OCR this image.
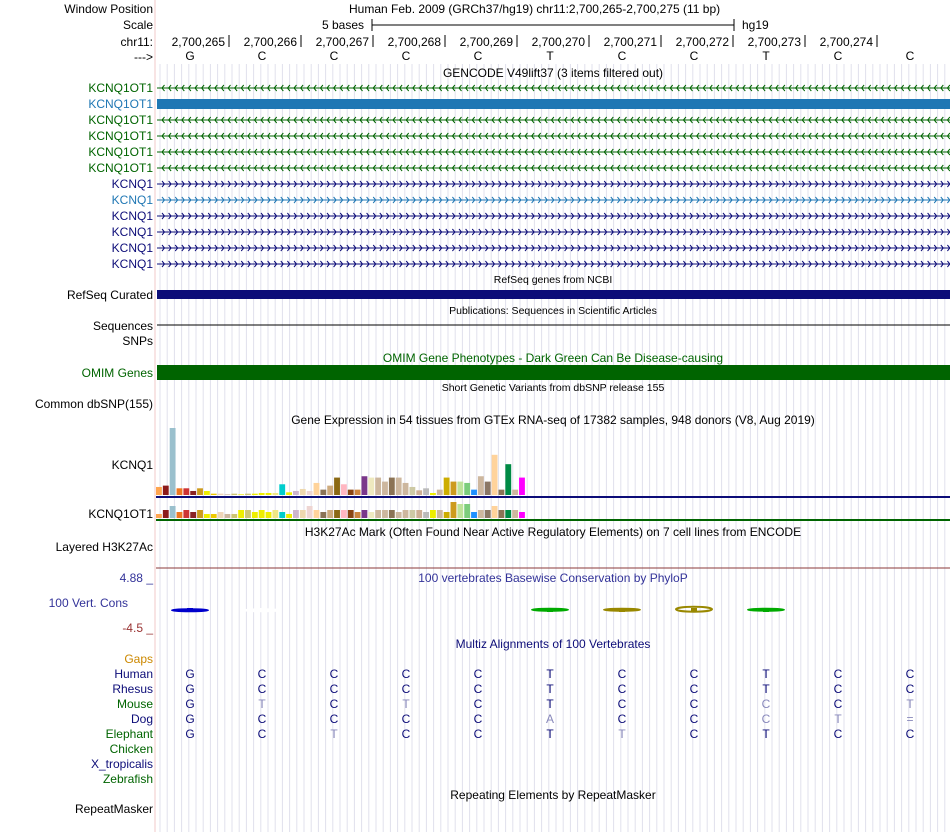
Window Position	Human Feb. 2009 (GRCh37/hg19) chr11:2,700,265-2,700,275 (11 bp)
Scale	5 bases	hg19
chr11:
--->
2,700,265	2,700,266	2,700,267	2,700,268	2,700,269	2,700,270	2,700,271	2,700,272	2,700,273	2,700,274
G	C	C	C	C	T	C	C	T	C	C
GENCODE V49lift37 (3 items filtered out)
KCNQ1OT1
KCNQ1OT1
KCNQ1OT1
KCNQ1OT1
KCNQ1OT1
KCNQ1OT1
KCNQ1
KCNQ1
KCNQ1
KCNQ1
KCNQ1
KCNQ1
RefSeq genes from NCBI
RefSeq Curated
Publications: Sequences in Scientific Articles
Sequences
SNPs
OMIM Gene Phenotypes - Dark Green Can Be Disease-causing
OMIM Genes
Short Genetic Variants from dbSNP release 155
Common dbSNP(155)
Gene Expression in 54 tissues from GTEx RNA-seq of 17382 samples, 948 donors (V8, Aug 2019)
KCNQ1
KCNQ1OT1
H3K27Ac Mark (Often Found Near Active Regulatory Elements) on 7 cell lines from ENCODE
Layered H3K27Ac
100 vertebrates Basewise Conservation by PhyloP
4.88 _
100 Vert. Cons
-4.5 _
Multiz Alignments of 100 Vertebrates
Gaps
Human	G	C	C	C	C	T	C	C	T	C	C
Rhesus	G	C	C	C	C	T	C	C	T	C	C
Mouse	G	T	C	T	C	T	C	C	C	C	T
Dog	G	C	C	C	C	A	C	C	C	T	=
Elephant	G	C	T	C	C	T	T	C	T	C	C
Chicken
X_tropicalis
Zebrafish
Repeating Elements by RepeatMasker
RepeatMasker
